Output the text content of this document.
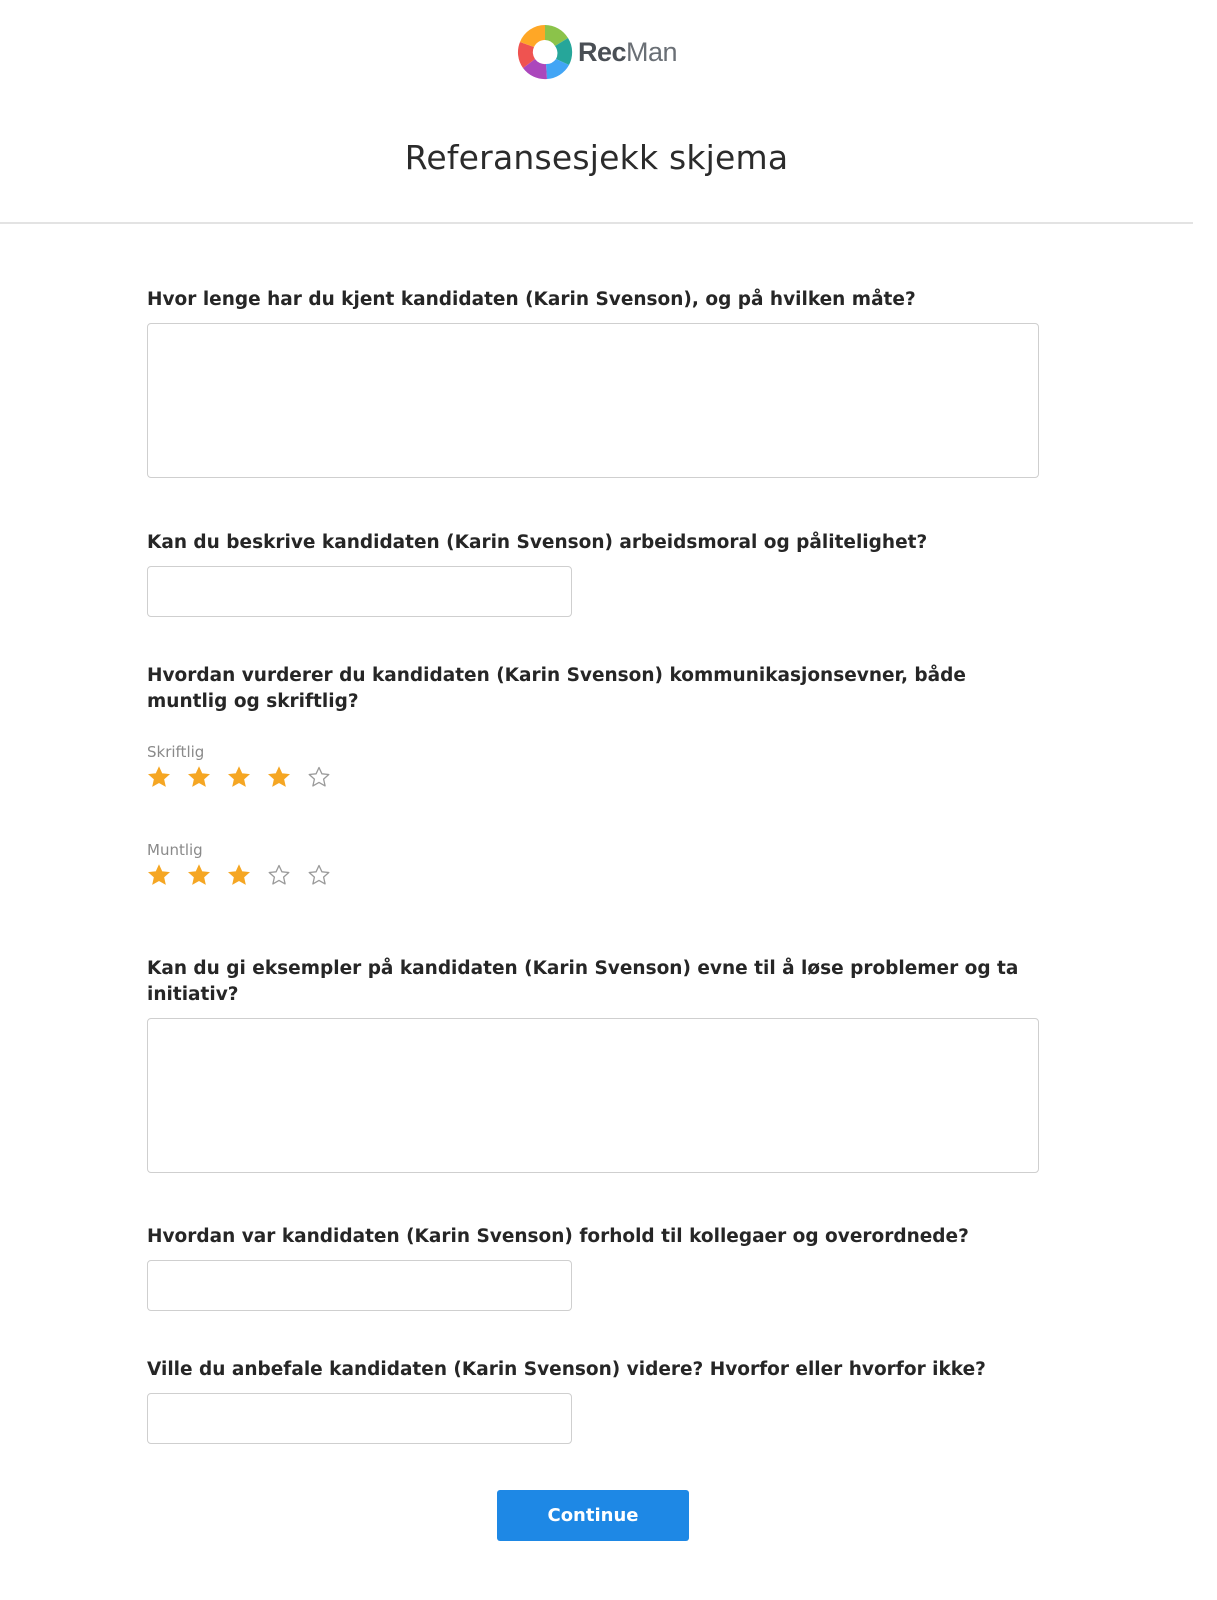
RecMan
Referansesjekk skjema
Hvor lenge har du kjent kandidaten (Karin Svenson), og på hvilken måte?
Kan du beskrive kandidaten (Karin Svenson) arbeidsmoral og pålitelighet?
Hvordan vurderer du kandidaten (Karin Svenson) kommunikasjonsevner, både muntlig og skriftlig?
Skriftlig
Muntlig
Kan du gi eksempler på kandidaten (Karin Svenson) evne til å løse problemer og ta initiativ?
Hvordan var kandidaten (Karin Svenson) forhold til kollegaer og overordnede?
Ville du anbefale kandidaten (Karin Svenson) videre? Hvorfor eller hvorfor ikke?
Continue
